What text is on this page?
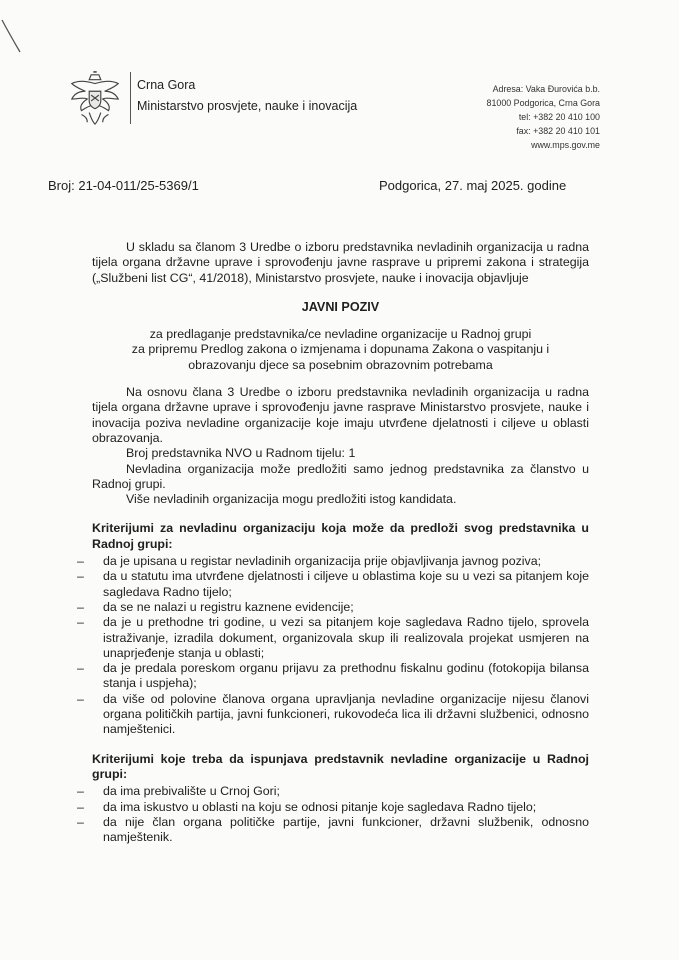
Crna Gora
Ministarstvo prosvjete, nauke i inovacija
Adresa: Vaka Đurovića b.b.
81000 Podgorica, Crna Gora
tel: +382 20 410 100
fax: +382 20 410 101
www.mps.gov.me
Broj: 21-04-011/25-5369/1	Podgorica, 27. maj 2025. godine

U skladu sa članom 3 Uredbe o izboru predstavnika nevladinih organizacija u radna tijela organa državne uprave i sprovođenju javne rasprave u pripremi zakona i strategija („Službeni list CG“, 41/2018), Ministarstvo prosvjete, nauke i inovacija objavljuje

JAVNI POZIV

za predlaganje predstavnika/ce nevladine organizacije u Radnoj grupi

za pripremu Predlog zakona o izmjenama i dopunama Zakona o vaspitanju i

obrazovanju djece sa posebnim obrazovnim potrebama

Na osnovu člana 3 Uredbe o izboru predstavnika nevladinih organizacija u radna tijela organa državne uprave i sprovođenju javne rasprave Ministarstvo prosvjete, nauke i inovacija poziva nevladine organizacije koje imaju utvrđene djelatnosti i ciljeve u oblasti obrazovanja.

Broj predstavnika NVO u Radnom tijelu: 1

Nevladina organizacija može predložiti samo jednog predstavnika za članstvo u Radnoj grupi.

Više nevladinih organizacija mogu predložiti istog kandidata.

Kriterijumi za nevladinu organizaciju koja može da predloži svog predstavnika u Radnoj grupi:

– da je upisana u registar nevladinih organizacija prije objavljivanja javnog poziva;
– da u statutu ima utvrđene djelatnosti i ciljeve u oblastima koje su u vezi sa pitanjem koje sagledava Radno tijelo;
– da se ne nalazi u registru kaznene evidencije;
– da je u prethodne tri godine, u vezi sa pitanjem koje sagledava Radno tijelo, sprovela istraživanje, izradila dokument, organizovala skup ili realizovala projekat usmjeren na unaprjeđenje stanja u oblasti;
– da je predala poreskom organu prijavu za prethodnu fiskalnu godinu (fotokopija bilansa stanja i uspjeha);
– da više od polovine članova organa upravljanja nevladine organizacije nijesu članovi organa političkih partija, javni funkcioneri, rukovodeća lica ili državni službenici, odnosno namještenici.

Kriterijumi koje treba da ispunjava predstavnik nevladine organizacije u Radnoj grupi:

– da ima prebivalište u Crnoj Gori;
– da ima iskustvo u oblasti na koju se odnosi pitanje koje sagledava Radno tijelo;
– da nije član organa političke partije, javni funkcioner, državni službenik, odnosno namještenik.
